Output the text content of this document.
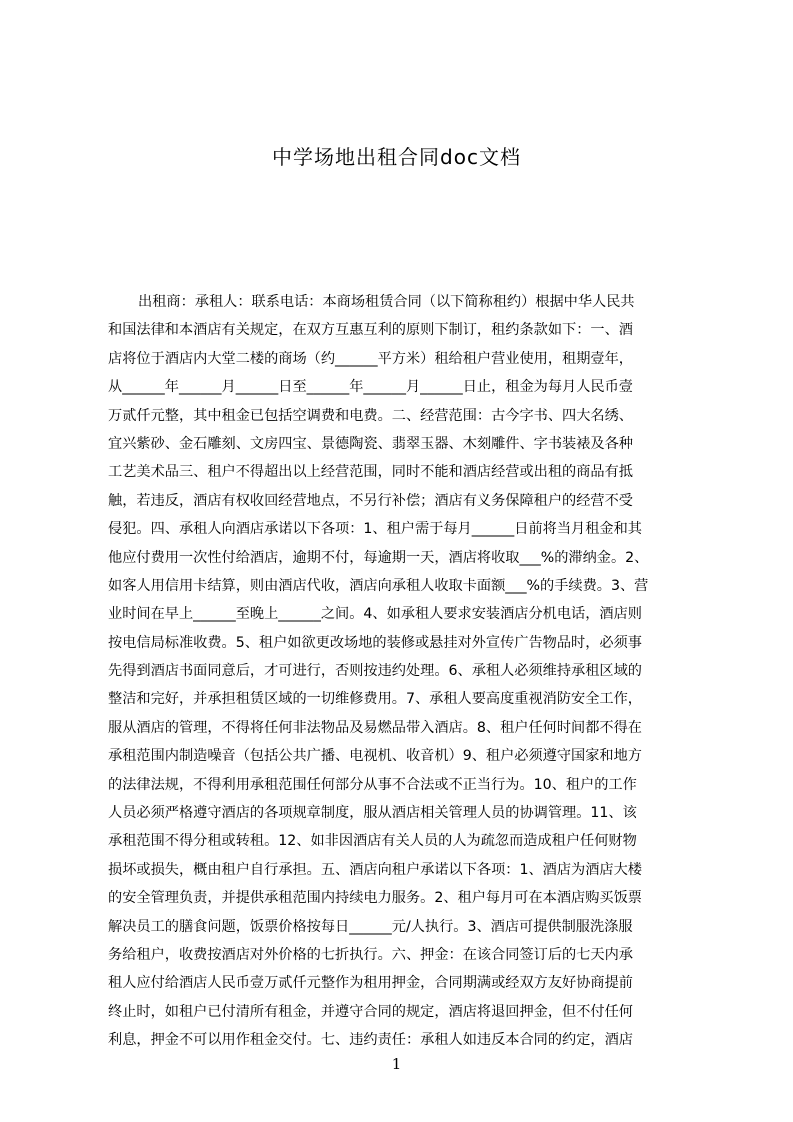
中学场地出租合同doc文档
出租商：承租人：联系电话：本商场租赁合同（以下简称租约）根据中华人民共
和国法律和本酒店有关规定，在双方互惠互利的原则下制订，租约条款如下：一、酒
店将位于酒店内大堂二楼的商场（约______平方米）租给租户营业使用，租期壹年，
从______年______月______日至______年______月______日止，租金为每月人民币壹
万贰仟元整，其中租金已包括空调费和电费。二、经营范围：古今字书、四大名绣、
宜兴紫砂、金石雕刻、文房四宝、景德陶瓷、翡翠玉器、木刻雕件、字书装裱及各种
工艺美术品三、租户不得超出以上经营范围，同时不能和酒店经营或出租的商品有抵
触，若违反，酒店有权收回经营地点，不另行补偿；酒店有义务保障租户的经营不受
侵犯。四、承租人向酒店承诺以下各项：1、租户需于每月______日前将当月租金和其
他应付费用一次性付给酒店，逾期不付，每逾期一天，酒店将收取___%的滞纳金。2、
如客人用信用卡结算，则由酒店代收，酒店向承租人收取卡面额___%的手续费。3、营
业时间在早上______至晚上______之间。4、如承租人要求安装酒店分机电话，酒店则
按电信局标准收费。5、租户如欲更改场地的装修或悬挂对外宣传广告物品时，必须事
先得到酒店书面同意后，才可进行，否则按违约处理。6、承租人必须维持承租区域的
整洁和完好，并承担租赁区域的一切维修费用。7、承租人要高度重视消防安全工作，
服从酒店的管理，不得将任何非法物品及易燃品带入酒店。8、租户任何时间都不得在
承租范围内制造噪音（包括公共广播、电视机、收音机）9、租户必须遵守国家和地方
的法律法规，不得利用承租范围任何部分从事不合法或不正当行为。10、租户的工作
人员必须严格遵守酒店的各项规章制度，服从酒店相关管理人员的协调管理。11、该
承租范围不得分租或转租。12、如非因酒店有关人员的人为疏忽而造成租户任何财物
损坏或损失，概由租户自行承担。五、酒店向租户承诺以下各项：1、酒店为酒店大楼
的安全管理负责，并提供承租范围内持续电力服务。2、租户每月可在本酒店购买饭票
解决员工的膳食问题，饭票价格按每日______元/人执行。3、酒店可提供制服洗涤服
务给租户，收费按酒店对外价格的七折执行。六、押金：在该合同签订后的七天内承
租人应付给酒店人民币壹万贰仟元整作为租用押金，合同期满或经双方友好协商提前
终止时，如租户已付清所有租金，并遵守合同的规定，酒店将退回押金，但不付任何
利息，押金不可以用作租金交付。七、违约责任：承租人如违反本合同的约定，酒店
1
